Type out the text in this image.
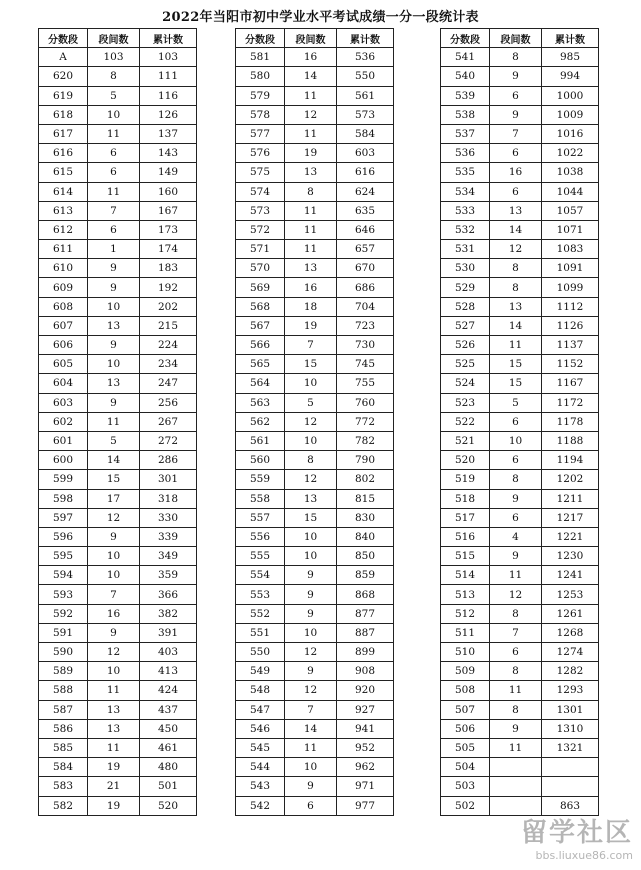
2022年当阳市初中学业水平考试成绩一分一段统计表
分数段	段间数	累计数
A	103	103
620	8	111
619	5	116
618	10	126
617	11	137
616	6	143
615	6	149
614	11	160
613	7	167
612	6	173
611	1	174
610	9	183
609	9	192
608	10	202
607	13	215
606	9	224
605	10	234
604	13	247
603	9	256
602	11	267
601	5	272
600	14	286
599	15	301
598	17	318
597	12	330
596	9	339
595	10	349
594	10	359
593	7	366
592	16	382
591	9	391
590	12	403
589	10	413
588	11	424
587	13	437
586	13	450
585	11	461
584	19	480
583	21	501
582	19	520
分数段	段间数	累计数
581	16	536
580	14	550
579	11	561
578	12	573
577	11	584
576	19	603
575	13	616
574	8	624
573	11	635
572	11	646
571	11	657
570	13	670
569	16	686
568	18	704
567	19	723
566	7	730
565	15	745
564	10	755
563	5	760
562	12	772
561	10	782
560	8	790
559	12	802
558	13	815
557	15	830
556	10	840
555	10	850
554	9	859
553	9	868
552	9	877
551	10	887
550	12	899
549	9	908
548	12	920
547	7	927
546	14	941
545	11	952
544	10	962
543	9	971
542	6	977
分数段	段间数	累计数
541	8	985
540	9	994
539	6	1000
538	9	1009
537	7	1016
536	6	1022
535	16	1038
534	6	1044
533	13	1057
532	14	1071
531	12	1083
530	8	1091
529	8	1099
528	13	1112
527	14	1126
526	11	1137
525	15	1152
524	15	1167
523	5	1172
522	6	1178
521	10	1188
520	6	1194
519	8	1202
518	9	1211
517	6	1217
516	4	1221
515	9	1230
514	11	1241
513	12	1253
512	8	1261
511	7	1268
510	6	1274
509	8	1282
508	11	1293
507	8	1301
506	9	1310
505	11	1321
504		
503		
502		863
留学社区
bbs.liuxue86.com
